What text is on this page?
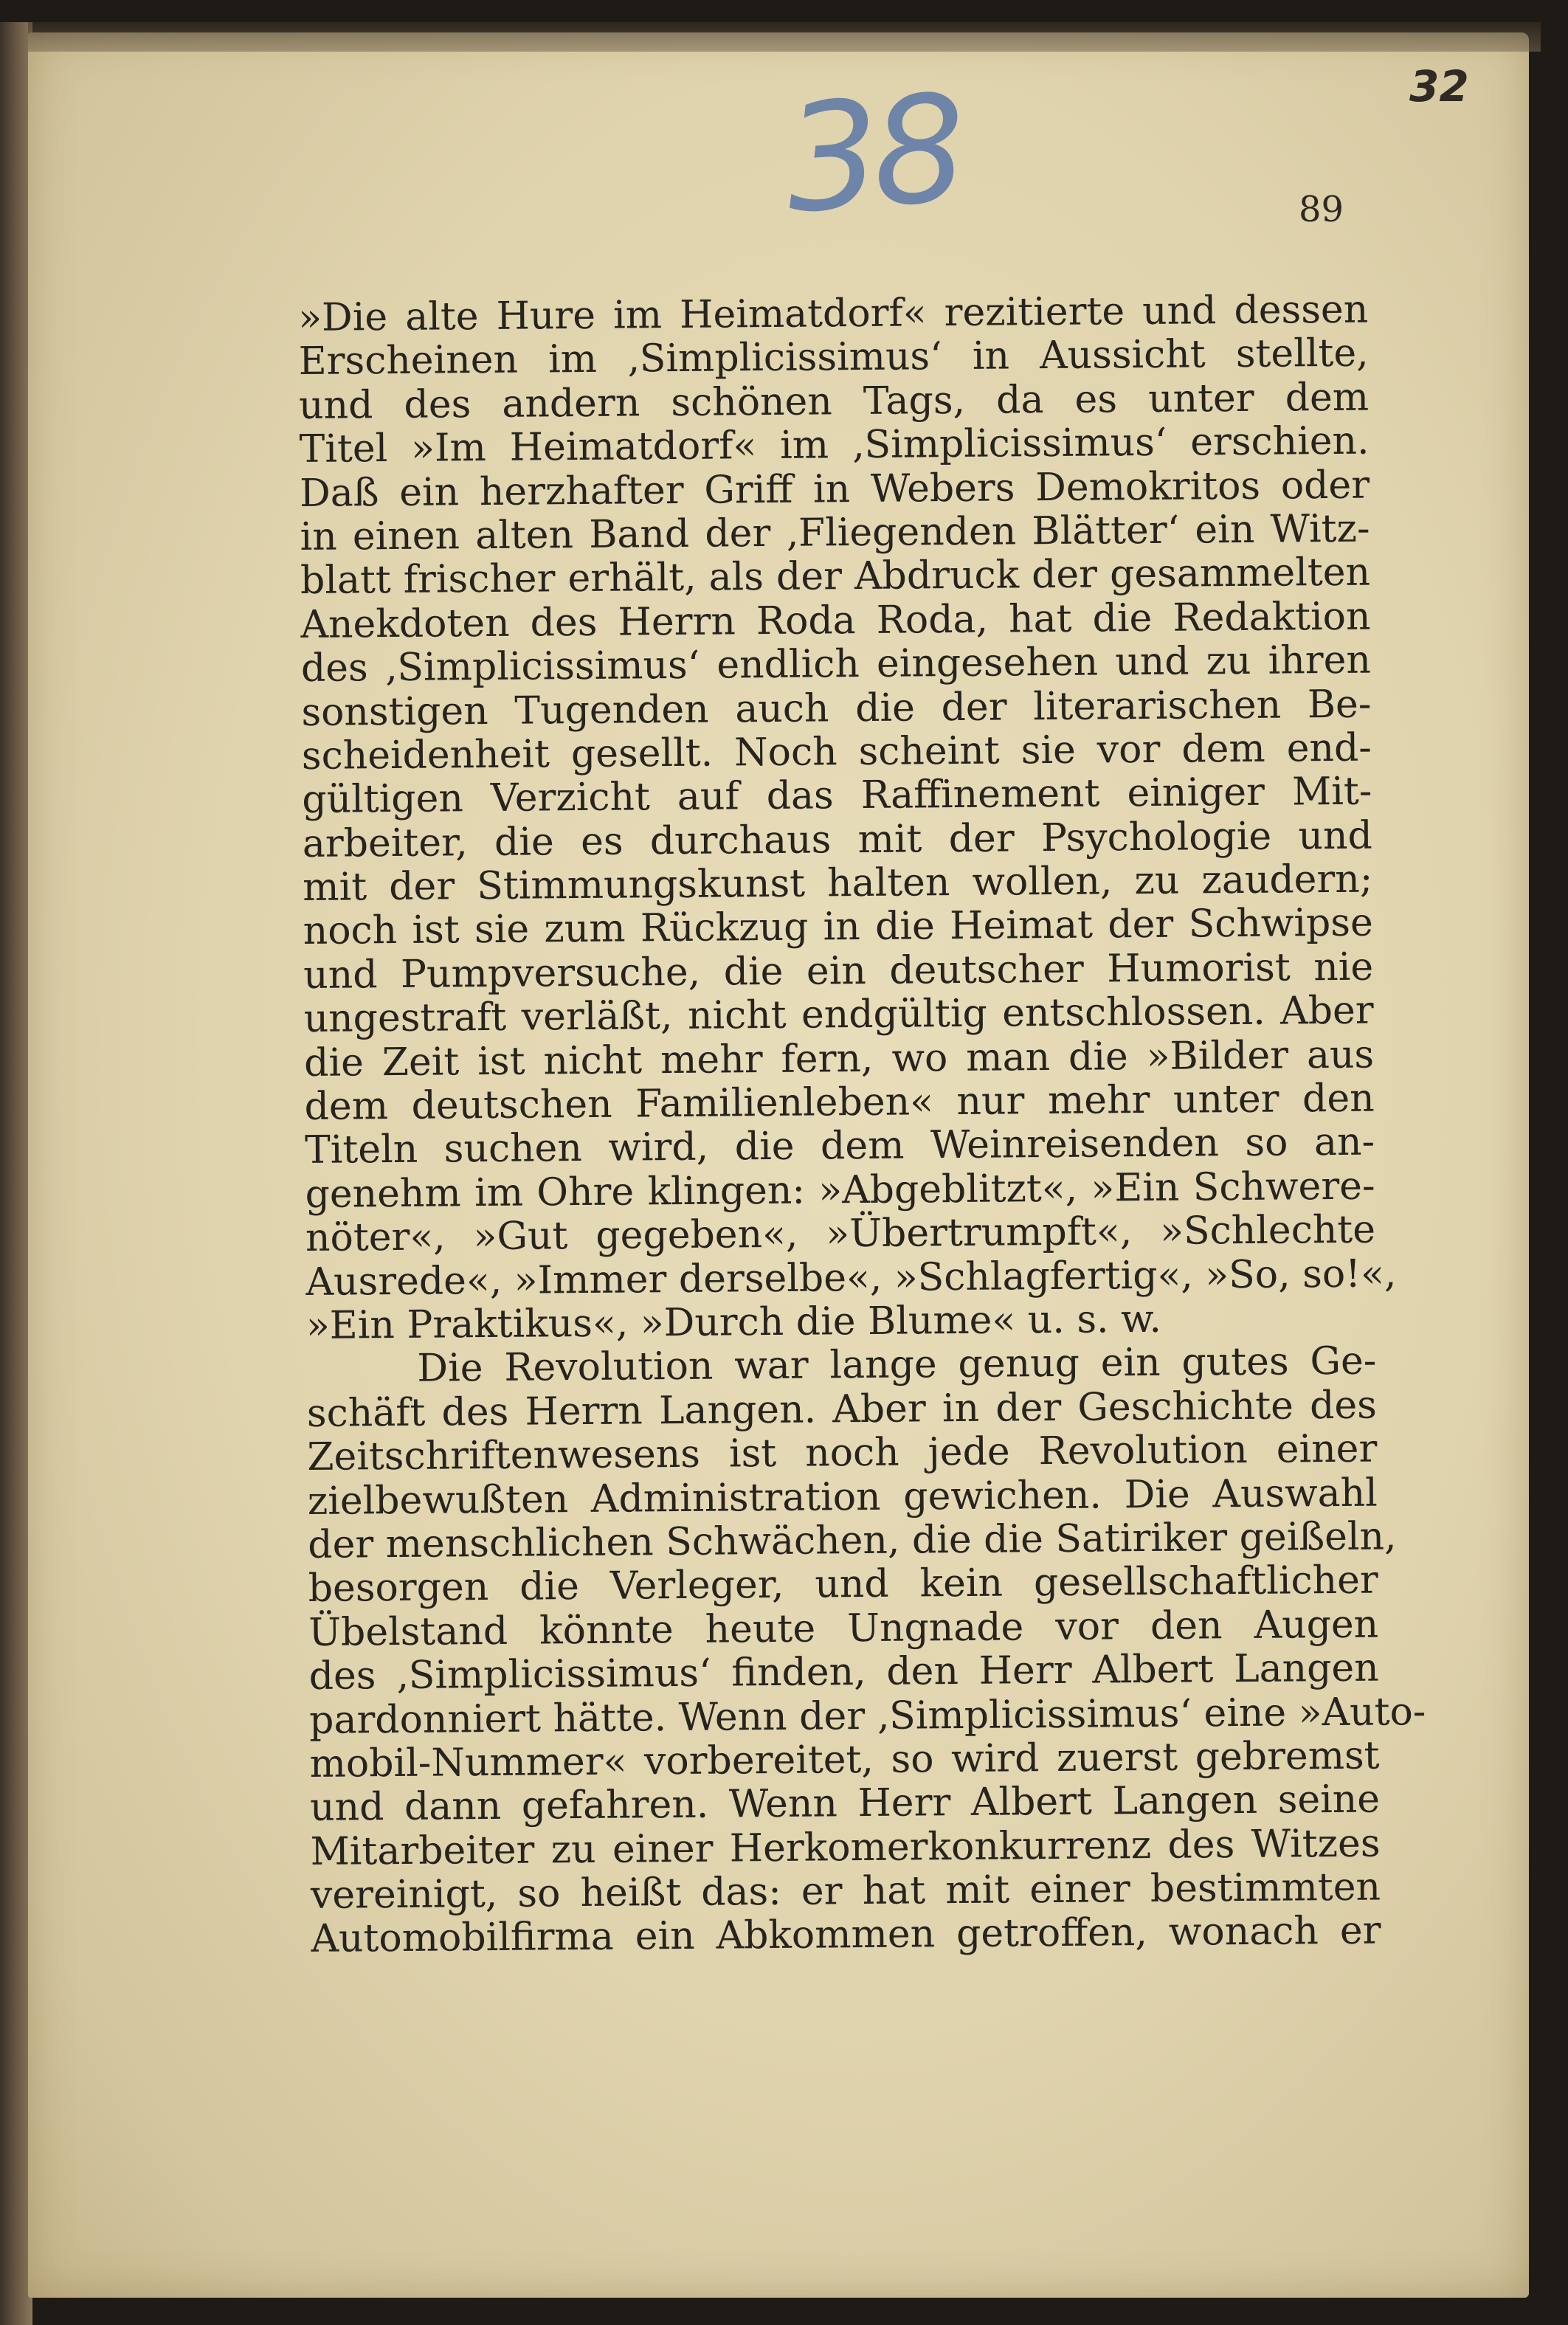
38	32
89
»Die alte Hure im Heimatdorf« rezitierte und dessen
Erscheinen im ‚Simplicissimus‘ in Aussicht stellte,
und des andern schönen Tags, da es unter dem
Titel »Im Heimatdorf« im ‚Simplicissimus‘ erschien.
Daß ein herzhafter Griff in Webers Demokritos oder
in einen alten Band der ‚Fliegenden Blätter‘ ein Witz-
blatt frischer erhält, als der Abdruck der gesammelten
Anekdoten des Herrn Roda Roda, hat die Redaktion
des ‚Simplicissimus‘ endlich eingesehen und zu ihren
sonstigen Tugenden auch die der literarischen Be-
scheidenheit gesellt. Noch scheint sie vor dem end-
gültigen Verzicht auf das Raffinement einiger Mit-
arbeiter, die es durchaus mit der Psychologie und
mit der Stimmungskunst halten wollen, zu zaudern;
noch ist sie zum Rückzug in die Heimat der Schwipse
und Pumpversuche, die ein deutscher Humorist nie
ungestraft verläßt, nicht endgültig entschlossen. Aber
die Zeit ist nicht mehr fern, wo man die »Bilder aus
dem deutschen Familienleben« nur mehr unter den
Titeln suchen wird, die dem Weinreisenden so an-
genehm im Ohre klingen: »Abgeblitzt«, »Ein Schwere-
nöter«, »Gut gegeben«, »Übertrumpft«, »Schlechte
Ausrede«, »Immer derselbe«, »Schlagfertig«, »So, so!«,
»Ein Praktikus«, »Durch die Blume« u. s. w.
Die Revolution war lange genug ein gutes Ge-
schäft des Herrn Langen. Aber in der Geschichte des
Zeitschriftenwesens ist noch jede Revolution einer
zielbewußten Administration gewichen. Die Auswahl
der menschlichen Schwächen, die die Satiriker geißeln,
besorgen die Verleger, und kein gesellschaftlicher
Übelstand könnte heute Ungnade vor den Augen
des ‚Simplicissimus‘ finden, den Herr Albert Langen
pardonniert hätte. Wenn der ‚Simplicissimus‘ eine »Auto-
mobil-Nummer« vorbereitet, so wird zuerst gebremst
und dann gefahren. Wenn Herr Albert Langen seine
Mitarbeiter zu einer Herkomerkonkurrenz des Witzes
vereinigt, so heißt das: er hat mit einer bestimmten
Automobilfirma ein Abkommen getroffen, wonach er
